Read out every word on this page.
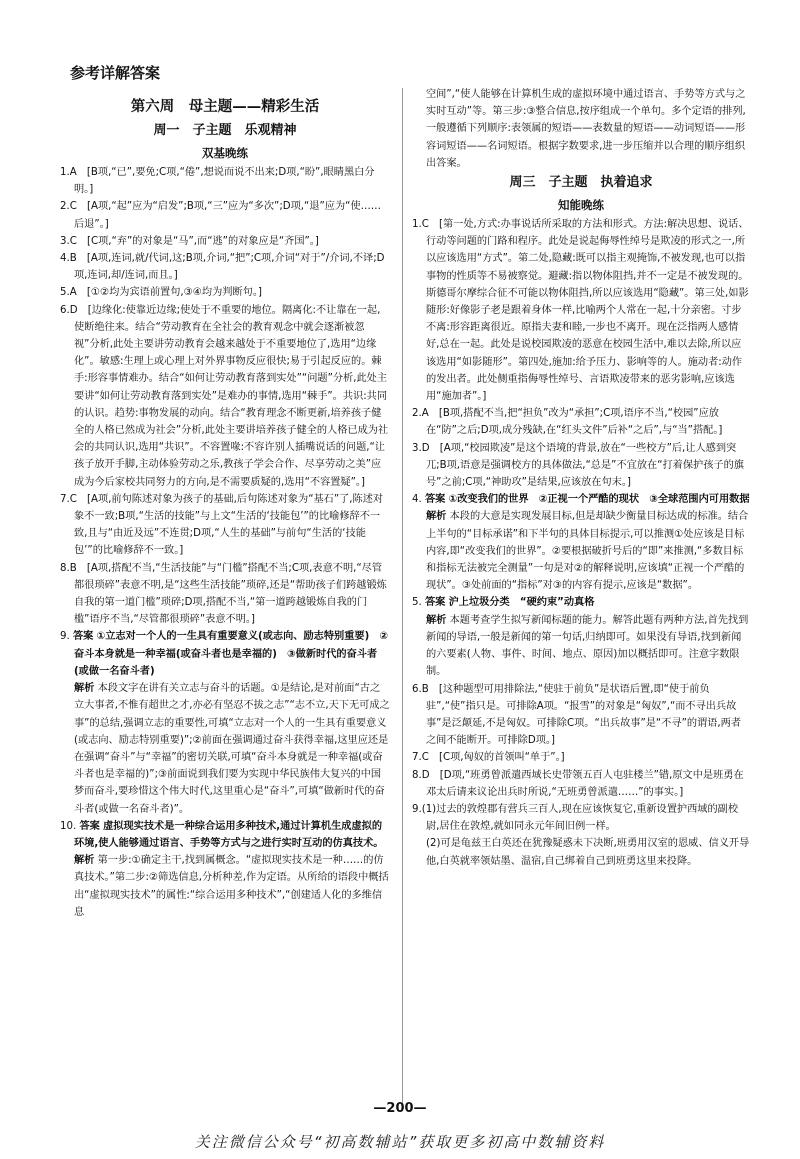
参考详解答案
第六周　母主题——精彩生活
周一　子主题　乐观精神
双基晚练

1.A　[B项,“已”,要免;C项,“倦”,想说而说不出来;D项,“盼”,眼睛黑白分明。]

2.C　[A项,“起”应为“启发”;B项,“三”应为“多次”;D项,“退”应为“使……后退”。]

3.C　[C项,“弃”的对象是“马”,而“逃”的对象应是“齐国”。]

4.B　[A项,连词,就/代词,这;B项,介词,“把”;C项,介词“对于”/介词,不译;D项,连词,却/连词,而且。]

5.A　[①②均为宾语前置句,③④均为判断句。]

6.D　[边缘化:使靠近边缘;使处于不重要的地位。隔离化:不让靠在一起,使断绝往来。结合“劳动教育在全社会的教育观念中就会逐渐被忽视”分析,此处主要讲劳动教育会越来越处于不重要地位了,选用“边缘化”。敏感:生理上或心理上对外界事物反应很快;易于引起反应的。棘手:形容事情难办。结合“如何让劳动教育落到实处”“问题”分析,此处主要讲“如何让劳动教育落到实处”是难办的事情,选用“棘手”。共识:共同的认识。趋势:事物发展的动向。结合“教育理念不断更新,培养孩子健全的人格已然成为社会”分析,此处主要讲培养孩子健全的人格已成为社会的共同认识,选用“共识”。不容置喙:不容许别人插嘴说话的问题,“让孩子放开手脚,主动体验劳动之乐,教孩子学会合作、尽享劳动之美”应成为今后家校共同努力的方向,是不需要质疑的,选用“不容置疑”。]

7.C　[A项,前句陈述对象为孩子的基础,后句陈述对象为“基石”了,陈述对象不一致;B项,“生活的技能”与上文“生活的‘技能包’”的比喻修辞不一致,且与“由近及远”不连贯;D项,“人生的基础”与前句“生活的‘技能包’”的比喻修辞不一致。]

8.B　[A项,搭配不当,“生活技能”与“门槛”搭配不当;C项,表意不明,“尽管都很琐碎”表意不明,是“这些生活技能”琐碎,还是“帮助孩子们跨越锻炼自我的第一道门槛”琐碎;D项,搭配不当,“第一道跨越锻炼自我的门槛”语序不当,“尽管都很琐碎”表意不明。]

9. 答案 ①立志对一个人的一生具有重要意义(或志向、励志特别重要)　②奋斗本身就是一种幸福(或奋斗者也是幸福的)　③做新时代的奋斗者(或做一名奋斗者)

解析 本段文字在讲有关立志与奋斗的话题。①是结论,是对前面“古之立大事者,不惟有超世之才,亦必有坚忍不拔之志”“志不立,天下无可成之事”的总结,强调立志的重要性,可填“立志对一个人的一生具有重要意义(或志向、励志特别重要)”;②前面在强调通过奋斗获得幸福,这里应还是在强调“奋斗”与“幸福”的密切关联,可填“奋斗本身就是一种幸福(或奋斗者也是幸福的)”;③前面说到我们要为实现中华民族伟大复兴的中国梦而奋斗,要珍惜这个伟大时代,这里重心是“奋斗”,可填“做新时代的奋斗者(或做一名奋斗者)”。

10. 答案 虚拟现实技术是一种综合运用多种技术,通过计算机生成虚拟的环境,使人能够通过语言、手势等方式与之进行实时互动的仿真技术。

解析 第一步:①确定主干,找到属概念。“虚拟现实技术是一种……的仿真技术。”第二步:②筛选信息,分析种差,作为定语。从所给的语段中概括出“虚拟现实技术”的属性:“综合运用多种技术”,“创建适人化的多维信息

空间”,“使人能够在计算机生成的虚拟环境中通过语言、手势等方式与之实时互动”等。第三步:③整合信息,按序组成一个单句。多个定语的排列,一般遵循下列顺序:表领属的短语——表数量的短语——动词短语——形容词短语——名词短语。根据字数要求,进一步压缩并以合理的顺序组织出答案。

周三　子主题　执着追求
知能晚练

1.C　[第一处,方式:办事说话所采取的方法和形式。方法:解决思想、说话、行动等问题的门路和程序。此处是说起侮辱性绰号是欺凌的形式之一,所以应该选用“方式”。第二处,隐藏:既可以指主观掩饰,不被发现,也可以指事物的性质等不易被察觉。避藏:指以物体阻挡,并不一定是不被发现的。斯德哥尔摩综合征不可能以物体阻挡,所以应该选用“隐藏”。第三处,如影随形:好像影子老是跟着身体一样,比喻两个人常在一起,十分亲密。寸步不离:形容距离很近。原指夫妻和睦,一步也不离开。现在泛指两人感情好,总在一起。此处是说校园欺凌的恶意在校园生活中,难以去除,所以应该选用“如影随形”。第四处,施加:给予压力、影响等的人。施动者:动作的发出者。此处侧重指侮辱性绰号、言语欺凌带来的恶劣影响,应该选用“施加者”。]

2.A　[B项,搭配不当,把“担负”改为“承担”;C项,语序不当,“校园”应放在“防”之后;D项,成分残缺,在“红头文件”后补“之后”,与“当”搭配。]

3.D　[A项,“校园欺凌”是这个语境的背景,放在“一些校方”后,让人感到突兀;B项,语意是强调校方的具体做法,“总是”不宜放在“打着保护孩子的旗号”之前;C项,“神助攻”是结果,应该放在句末。]

4. 答案 ①改变我们的世界　②正视一个严酷的现状　③全球范围内可用数据

解析 本段的大意是实现发展目标,但是却缺少衡量目标达成的标准。结合上半句的“目标承诺”和下半句的具体目标提示,可以推测①处应该是目标内容,即“改变我们的世界”。②要根据破折号后的“即”来推测,“多数目标和指标无法被完全测量”一句是对②的解释说明,应该填“正视一个严酷的现状”。③处前面的“指标”对③的内容有提示,应该是“数据”。

5. 答案 沪上垃圾分类　“硬约束”动真格

解析 本题考查学生拟写新闻标题的能力。解答此题有两种方法,首先找到新闻的导语,一般是新闻的第一句话,归纳即可。如果没有导语,找到新闻的六要素(人物、事件、时间、地点、原因)加以概括即可。注意字数限制。

6.B　[这种题型可用排除法,“使驻于前负”是状语后置,即“使于前负驻”,“使”指只是。可排除A项。“报雪”的对象是“匈奴”,“而不寻出兵故事”是泛颠延,不是匈奴。可排除C项。“出兵故事”是“不寻”的谓语,两者之间不能断开。可排除D项。]

7.C　[C项,匈奴的首领叫“单于”。]

8.D　[D项,“班勇曾派遣西域长史带领五百人屯驻楼兰”错,原文中是班勇在邓太后请来议论出兵时所说,“无班勇曾派遣……”的事实。]

9.(1)过去的敦煌郡有营兵三百人,现在应该恢复它,重新设置护西域的副校尉,居住在敦煌,就如同永元年间旧例一样。

(2)可是龟兹王白英还在犹豫疑惑未下决断,班勇用汉室的恩威、信义开导他,白英就率领姑墨、温宿,自己绑着自己到班勇这里来投降。

—200—
关注微信公众号“初高数辅站”获取更多初高中数辅资料
